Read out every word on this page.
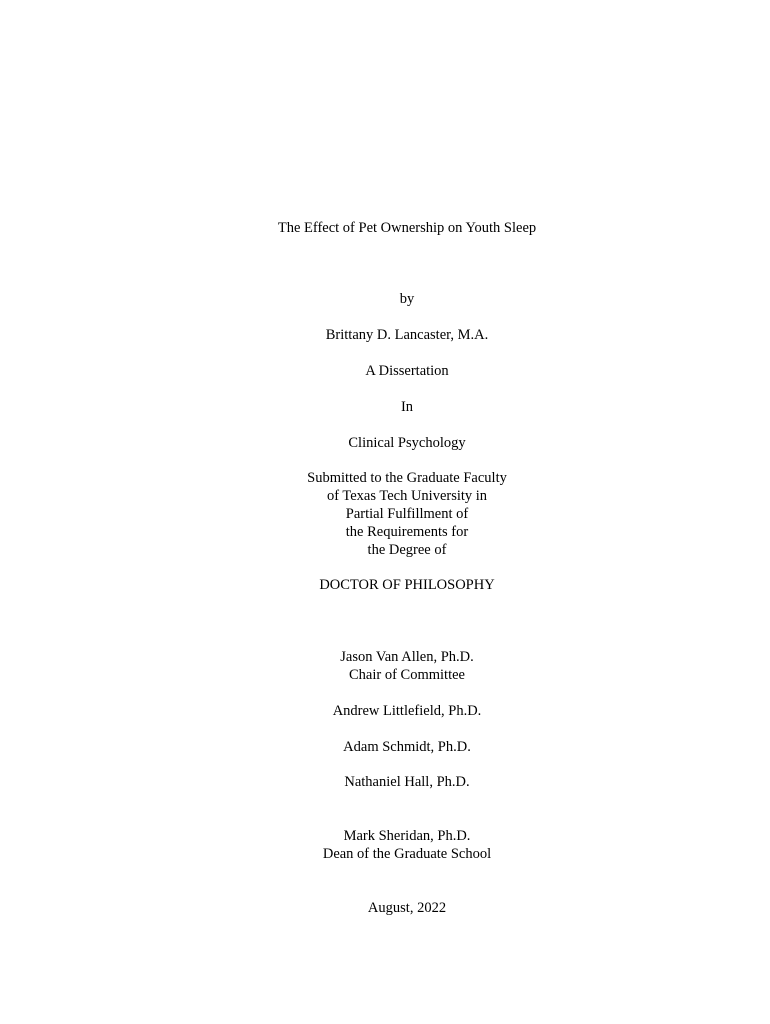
The Effect of Pet Ownership on Youth Sleep
by
Brittany D. Lancaster, M.A.
A Dissertation
In
Clinical Psychology
Submitted to the Graduate Faculty
of Texas Tech University in
Partial Fulfillment of
the Requirements for
the Degree of
DOCTOR OF PHILOSOPHY
Jason Van Allen, Ph.D.
Chair of Committee
Andrew Littlefield, Ph.D.
Adam Schmidt, Ph.D.
Nathaniel Hall, Ph.D.
Mark Sheridan, Ph.D.
Dean of the Graduate School
August, 2022
